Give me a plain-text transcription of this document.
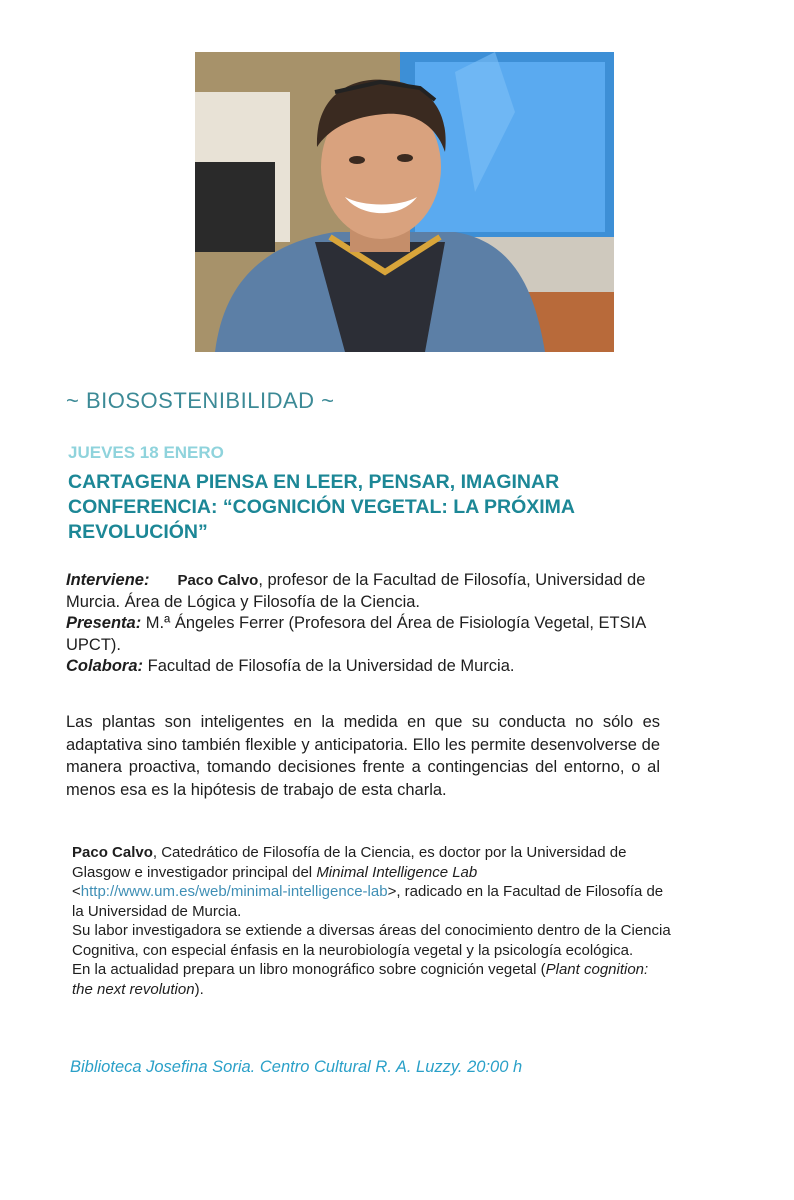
~ BIOSOSTENIBILIDAD ~
JUEVES 18 ENERO
CARTAGENA PIENSA EN LEER, PENSAR, IMAGINAR CONFERENCIA: “COGNICIÓN VEGETAL: LA PRÓXIMA REVOLUCIÓN”
Interviene: Paco Calvo, profesor de la Facultad de Filosofía, Universidad de Murcia. Área de Lógica y Filosofía de la Ciencia.
Presenta: M.ª Ángeles Ferrer (Profesora del Área de Fisiología Vegetal, ETSIA UPCT).
Colabora: Facultad de Filosofía de la Universidad de Murcia.

Las plantas son inteligentes en la medida en que su conducta no sólo es adaptativa sino también flexible y anticipatoria. Ello les permite desenvolverse de manera proactiva, tomando decisiones frente a contingencias del entorno, o al menos esa es la hipótesis de trabajo de esta charla.

Paco Calvo, Catedrático de Filosofía de la Ciencia, es doctor por la Universidad de Glasgow e investigador principal del Minimal Intelligence Lab <http://www.um.es/web/minimal-intelligence-lab>, radicado en la Facultad de Filosofía de la Universidad de Murcia.

Su labor investigadora se extiende a diversas áreas del conocimiento dentro de la Ciencia Cognitiva, con especial énfasis en la neurobiología vegetal y la psicología ecológica.

En la actualidad prepara un libro monográfico sobre cognición vegetal (Plant cognition: the next revolution).

Biblioteca Josefina Soria. Centro Cultural R. A. Luzzy. 20:00 h
